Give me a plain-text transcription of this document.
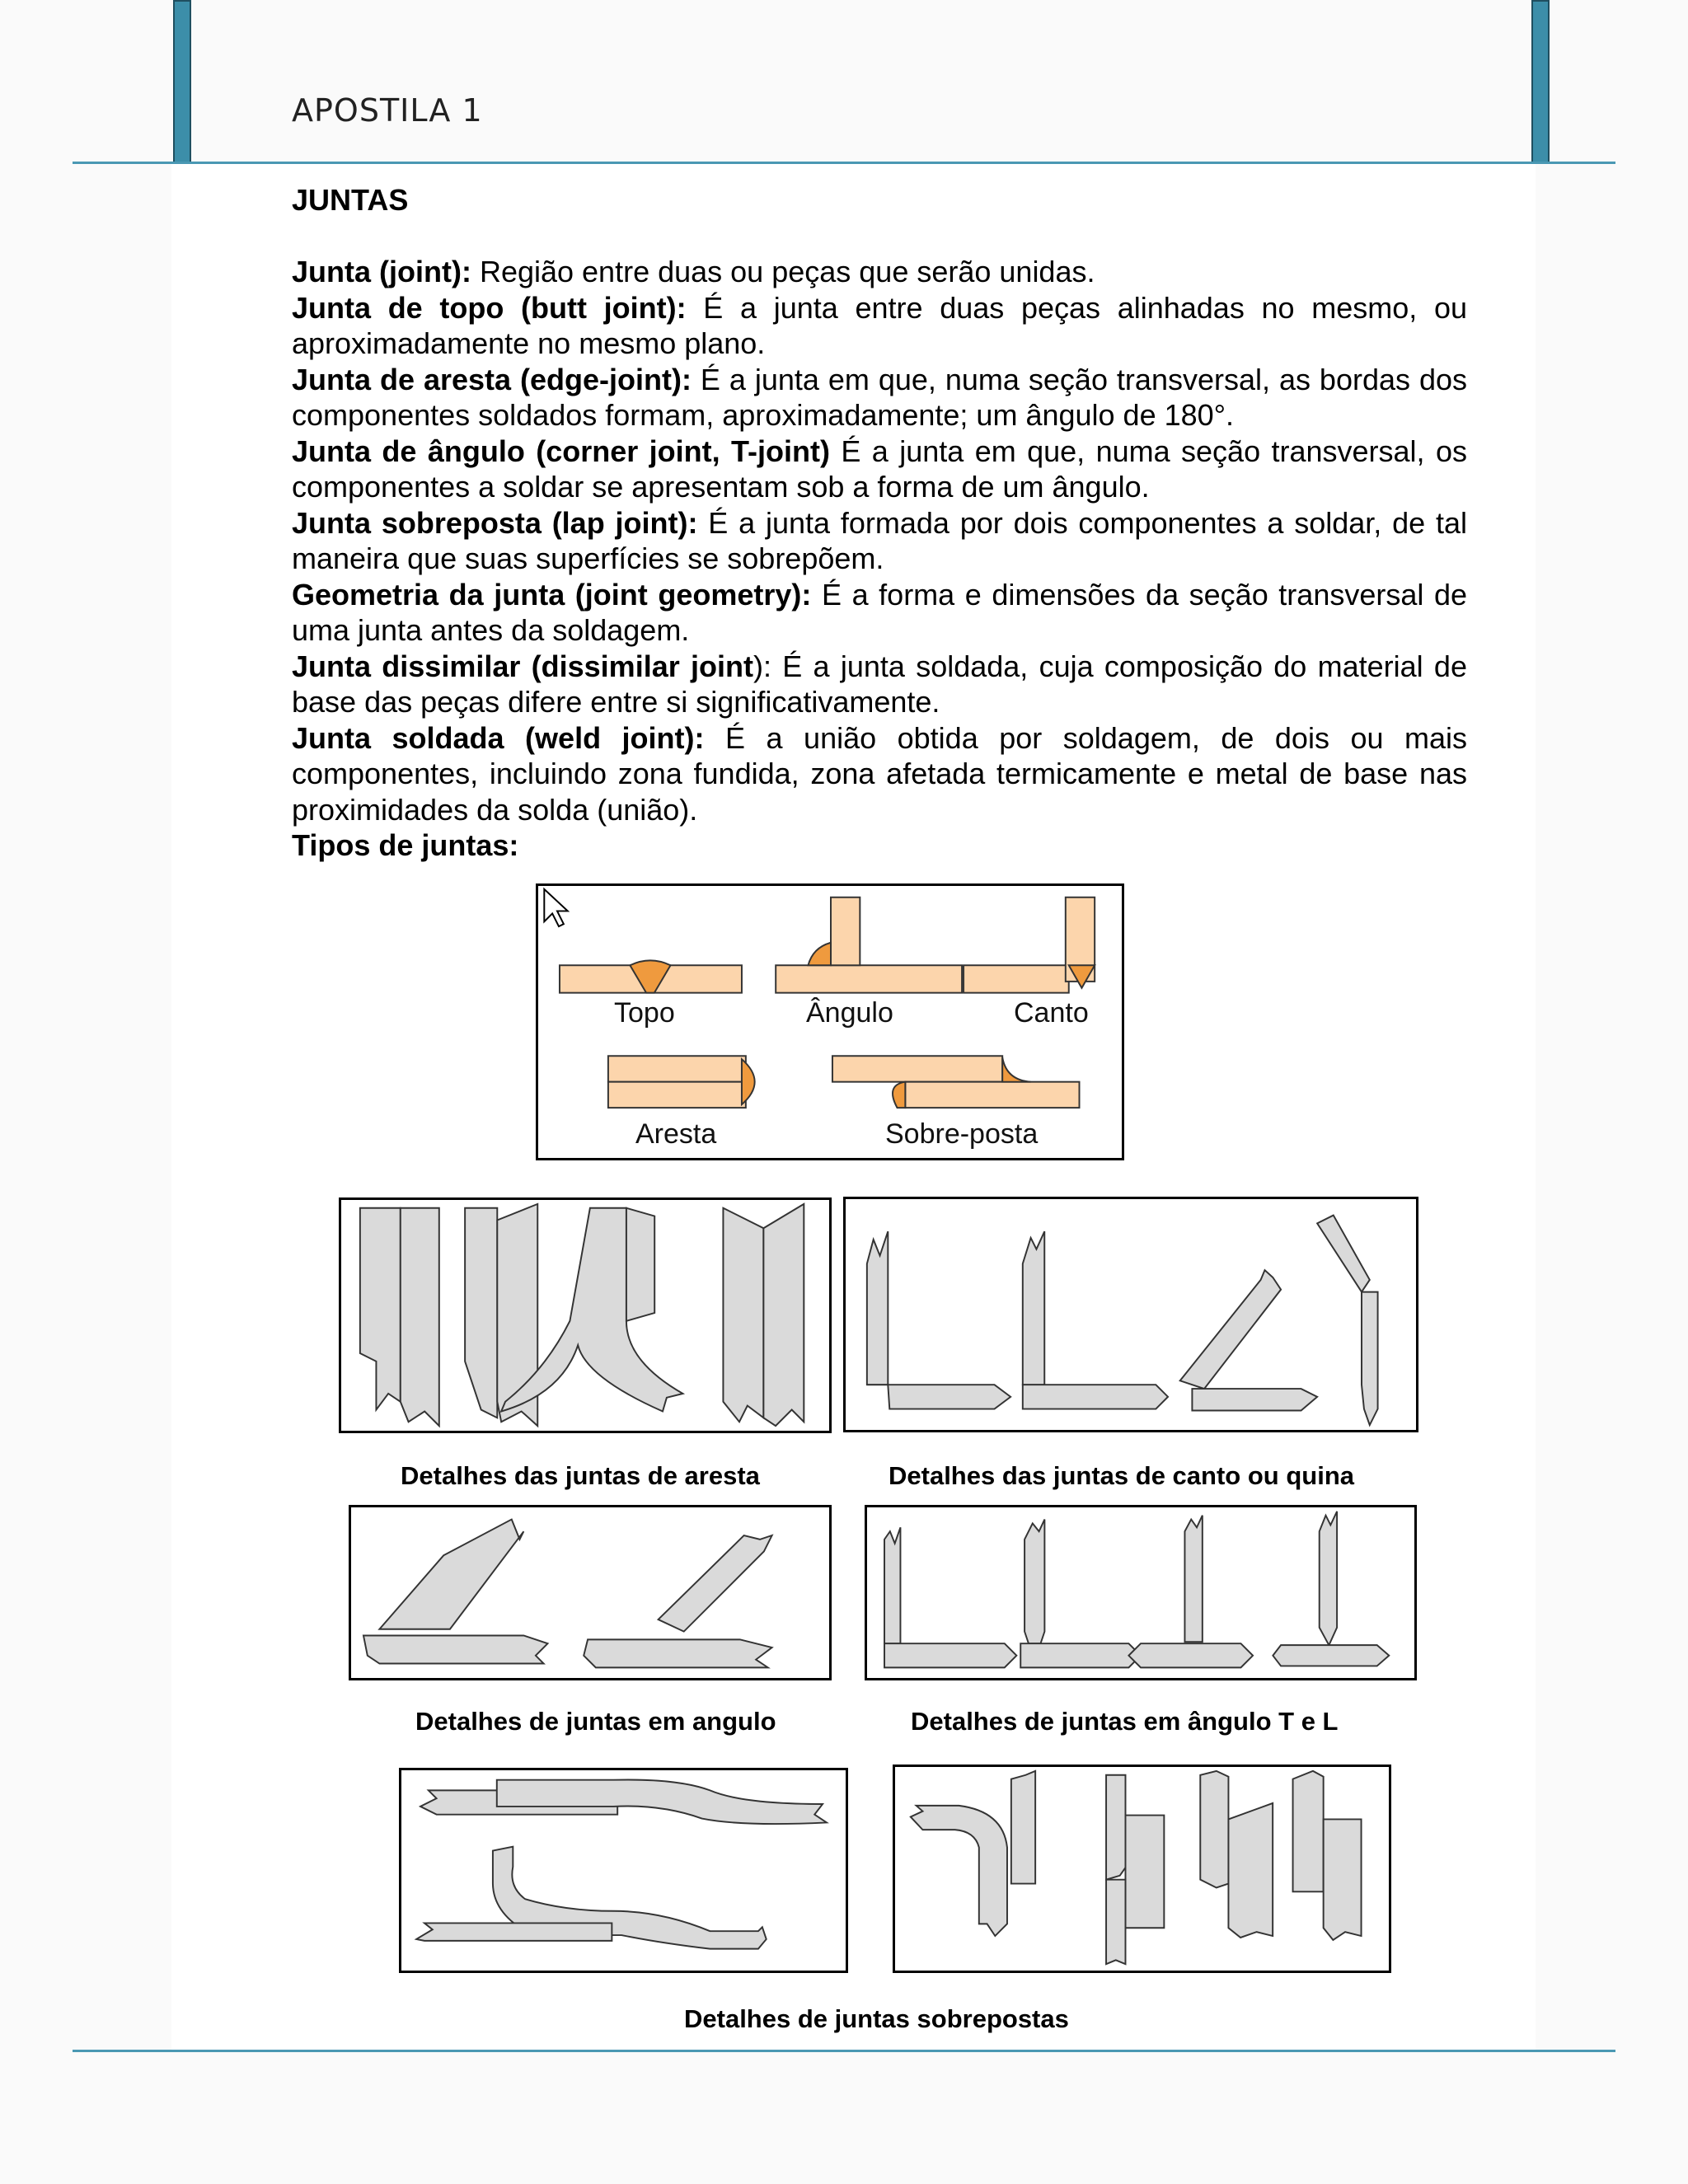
APOSTILA 1
JUNTAS

Junta (joint): Região entre duas ou peças que serão unidas.

Junta de topo (butt joint): É a junta entre duas peças alinhadas no mesmo, ou aproximadamente no mesmo plano.

Junta de aresta (edge-joint): É a junta em que, numa seção transversal, as bordas dos componentes soldados formam, aproximadamente; um ângulo de 180°.

Junta de ângulo (corner joint, T-joint) É a junta em que, numa seção transversal, os componentes a soldar se apresentam sob a forma de um ângulo.

Junta sobreposta (lap joint): É a junta formada por dois componentes a soldar, de tal maneira que suas superfícies se sobrepõem.

Geometria da junta (joint geometry): É a forma e dimensões da seção transversal de uma junta antes da soldagem.

Junta dissimilar (dissimilar joint): É a junta soldada, cuja composição do material de base das peças difere entre si significativamente.

Junta soldada (weld joint): É a união obtida por soldagem, de dois ou mais componentes, incluindo zona fundida, zona afetada termicamente e metal de base nas proximidades da solda (união).

Tipos de juntas:

Topo	Ângulo	Canto
Aresta	Sobre-posta
Detalhes das juntas de aresta	Detalhes das juntas de canto ou quina
Detalhes de juntas em angulo	Detalhes de juntas em ângulo T e L
Detalhes de juntas sobrepostas
